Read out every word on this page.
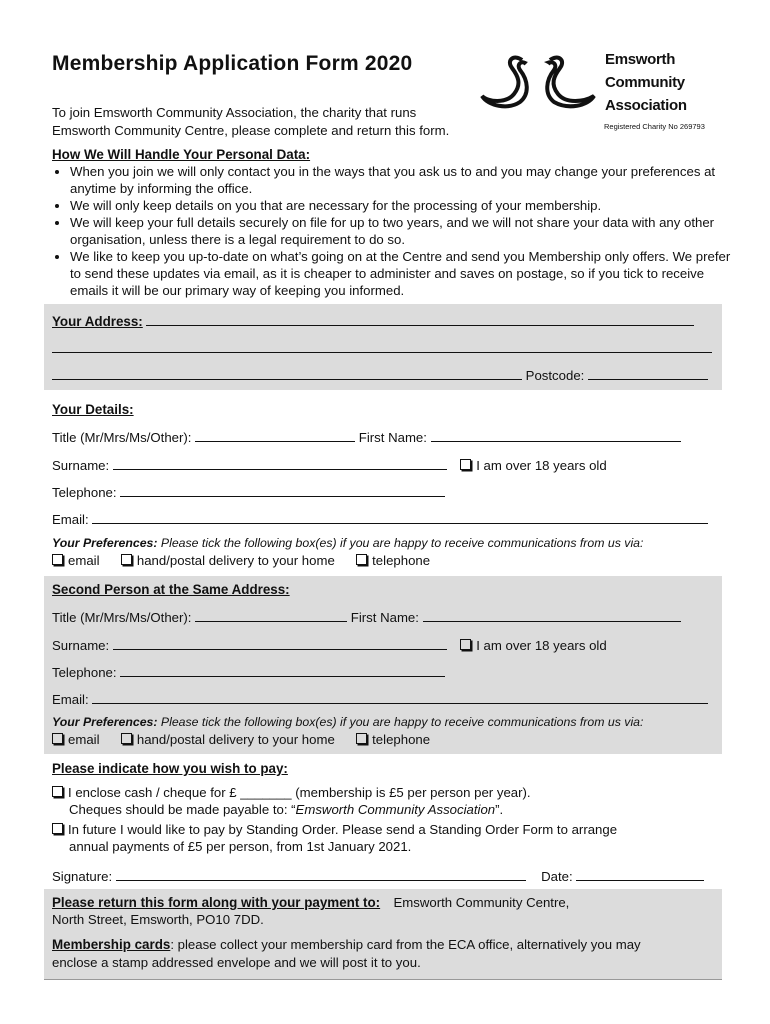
Membership Application Form 2020
To join Emsworth Community Association, the charity that runs
Emsworth Community Centre, please complete and return this form.
Emsworth
Community
Association
Registered Charity No 269793
How We Will Handle Your Personal Data:
• When you join we will only contact you in the ways that you ask us to and you may change your preferences at anytime by informing the office.
• We will only keep details on you that are necessary for the processing of your membership.
• We will keep your full details securely on file for up to two years, and we will not share your data with any other organisation, unless there is a legal requirement to do so.
• We like to keep you up-to-date on what’s going on at the Centre and send you Membership only offers. We prefer to send these updates via email, as it is cheaper to administer and saves on postage, so if you tick to receive emails it will be our primary way of keeping you informed.
Your Address:
Postcode:
Your Details:
Title (Mr/Mrs/Ms/Other):	First Name:
Surname:	I am over 18 years old
Telephone:
Email:
Your Preferences: Please tick the following box(es) if you are happy to receive communications from us via:
email	hand/postal delivery to your home	telephone
Second Person at the Same Address:
Title (Mr/Mrs/Ms/Other):	First Name:
Surname:	I am over 18 years old
Telephone:
Email:
Your Preferences: Please tick the following box(es) if you are happy to receive communications from us via:
email	hand/postal delivery to your home	telephone
Please indicate how you wish to pay:
I enclose cash / cheque for £ _______ (membership is £5 per person per year).
Cheques should be made payable to: “Emsworth Community Association”.
In future I would like to pay by Standing Order. Please send a Standing Order Form to arrange
annual payments of £5 per person, from 1st January 2021.
Signature:	Date:
Please return this form along with your payment to: Emsworth Community Centre,
North Street, Emsworth, PO10 7DD.
Membership cards: please collect your membership card from the ECA office, alternatively you may
enclose a stamp addressed envelope and we will post it to you.
